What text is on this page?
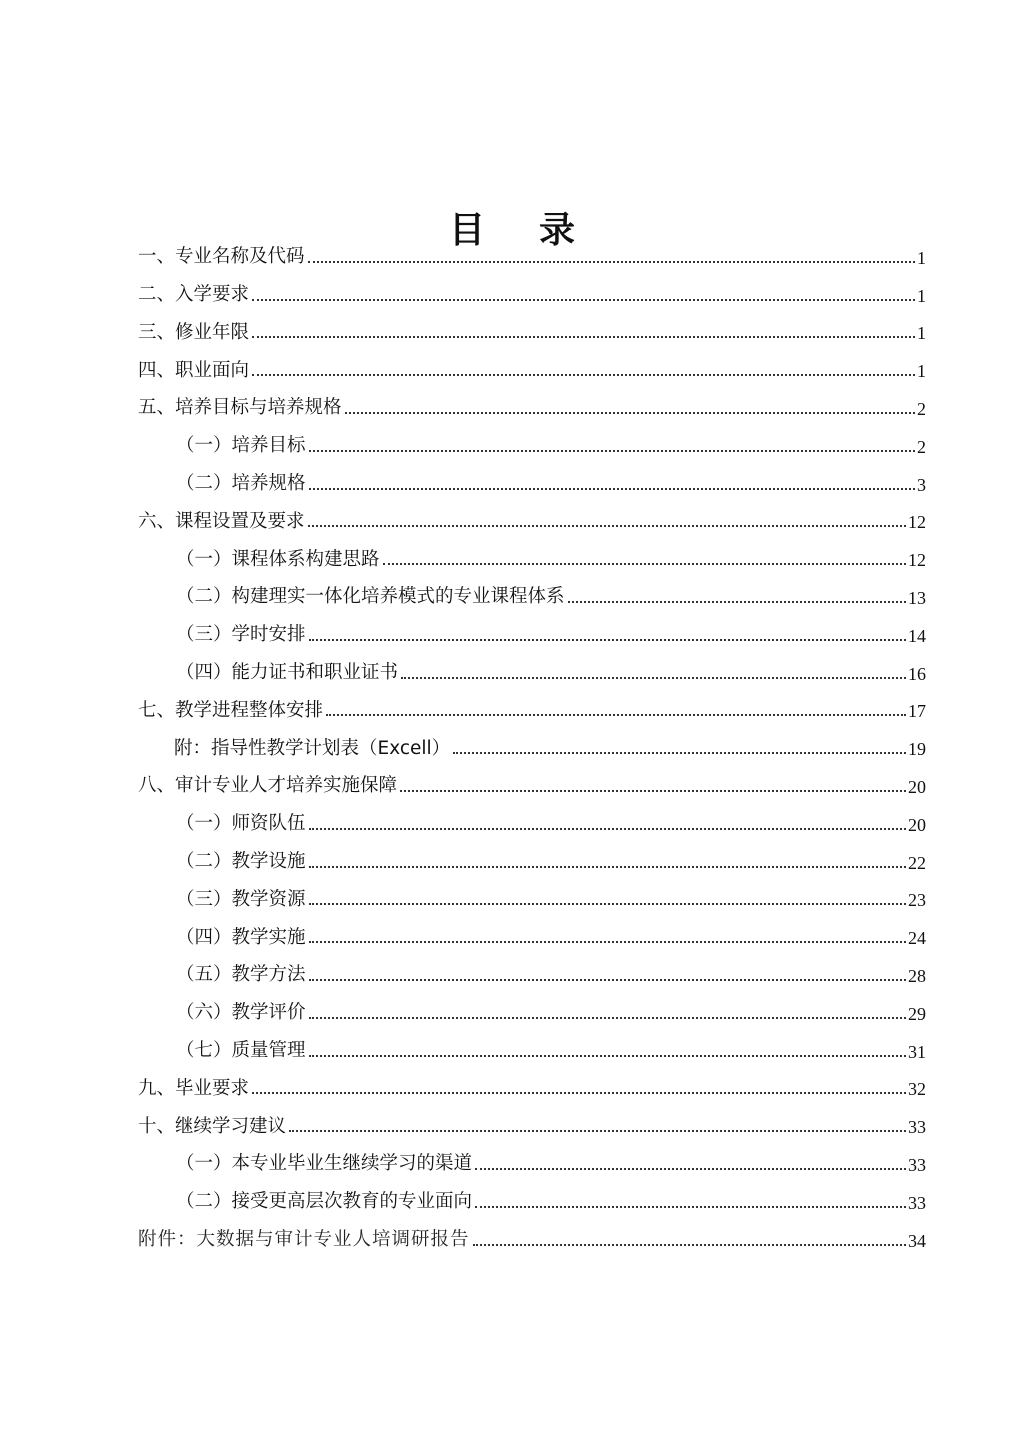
目 录
一、专业名称及代码	1
二、入学要求	1
三、修业年限	1
四、职业面向	1
五、培养目标与培养规格	2
（一）培养目标	2
（二）培养规格	3
六、课程设置及要求	12
（一）课程体系构建思路	12
（二）构建理实一体化培养模式的专业课程体系	13
（三）学时安排	14
（四）能力证书和职业证书	16
七、教学进程整体安排	17
附：指导性教学计划表（Excell）	19
八、审计专业人才培养实施保障	20
（一）师资队伍	20
（二）教学设施	22
（三）教学资源	23
（四）教学实施	24
（五）教学方法	28
（六）教学评价	29
（七）质量管理	31
九、毕业要求	32
十、继续学习建议	33
（一）本专业毕业生继续学习的渠道	33
（二）接受更高层次教育的专业面向	33
附件：大数据与审计专业人培调研报告	34
